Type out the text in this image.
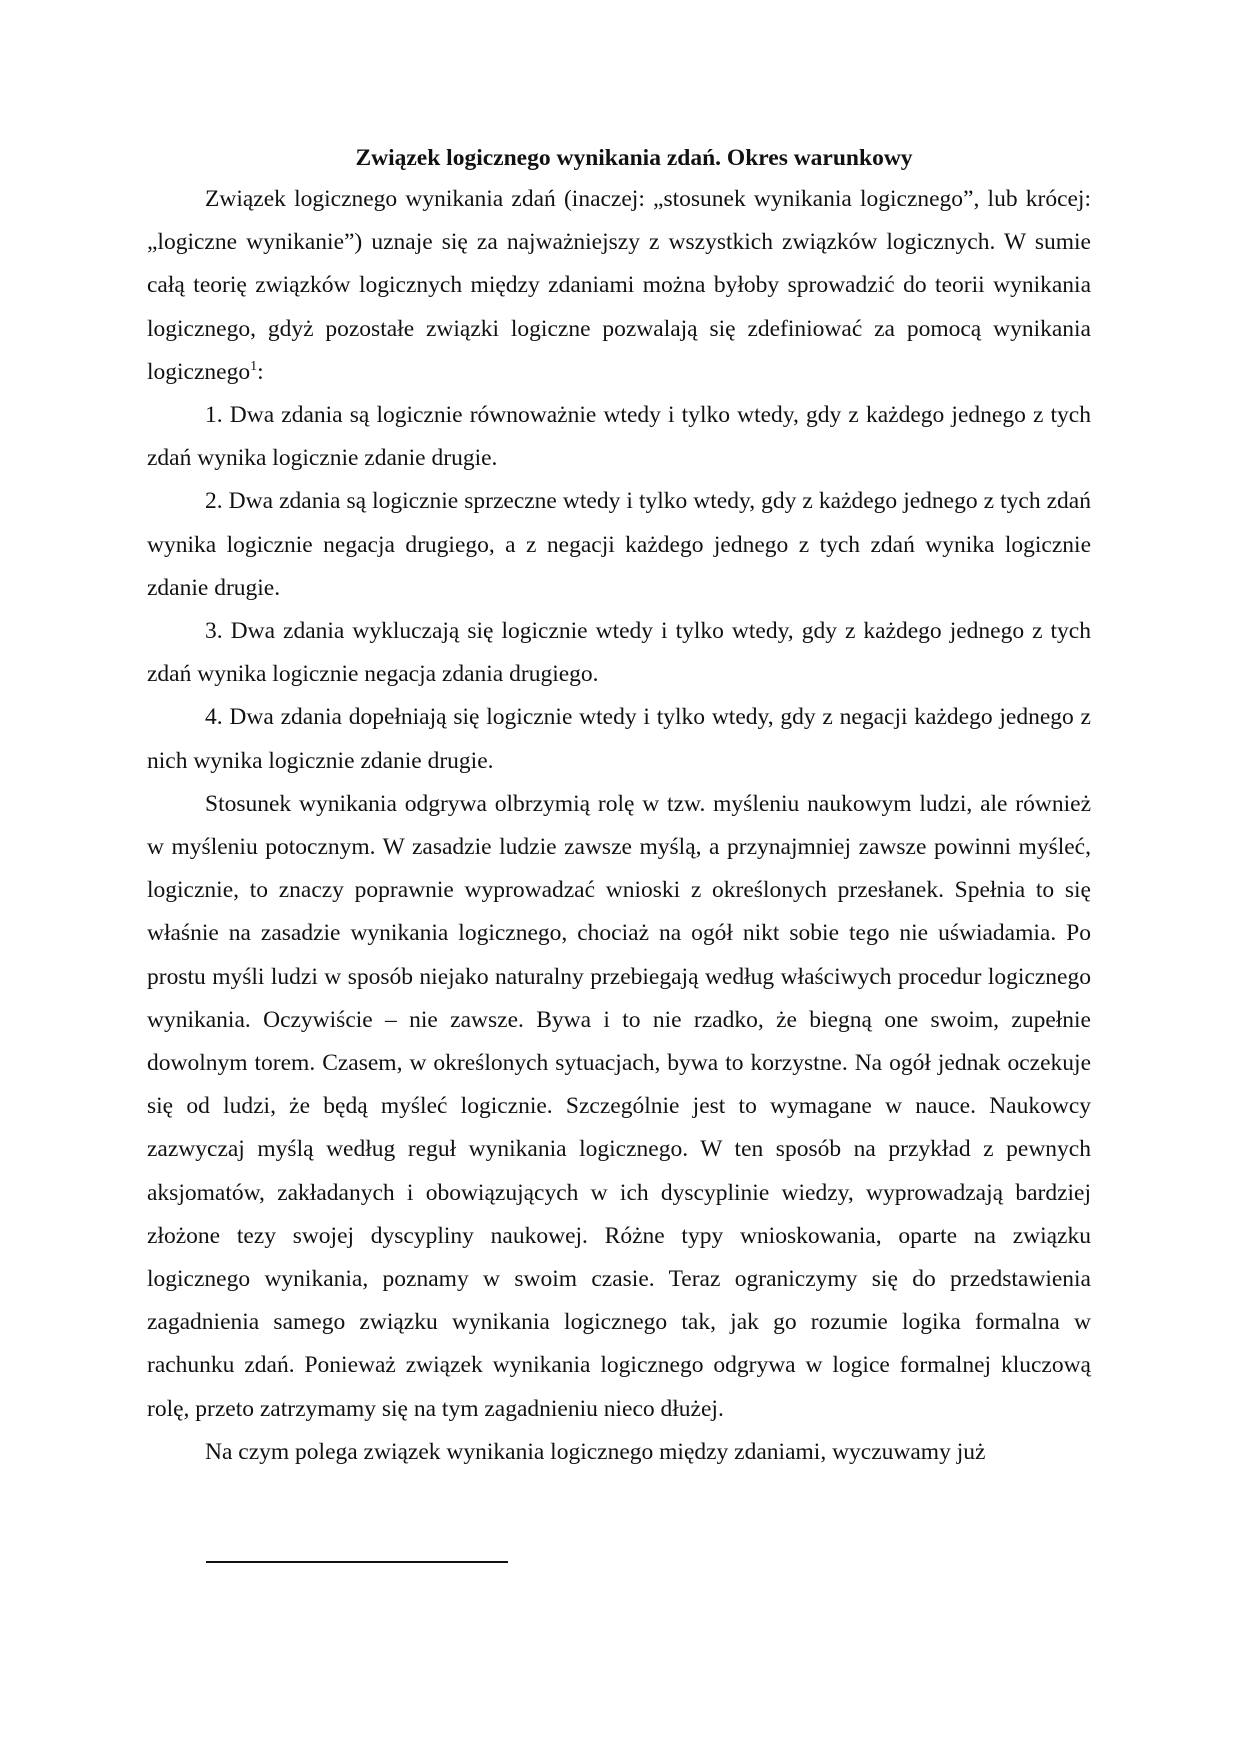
Związek logicznego wynikania zdań. Okres warunkowy

Związek logicznego wynikania zdań (inaczej: „stosunek wynikania logicznego”, lub krócej: „logiczne wynikanie”) uznaje się za najważniejszy z wszystkich związków logicznych. W sumie całą teorię związków logicznych między zdaniami można byłoby sprowadzić do teorii wynikania logicznego, gdyż pozostałe związki logiczne pozwalają się zdefiniować za pomocą wynikania logicznego$^1$:

1. Dwa zdania są logicznie równoważnie wtedy i tylko wtedy, gdy z każdego jednego z tych zdań wynika logicznie zdanie drugie.

2. Dwa zdania są logicznie sprzeczne wtedy i tylko wtedy, gdy z każdego jednego z tych zdań wynika logicznie negacja drugiego, a z negacji każdego jednego z tych zdań wynika logicznie zdanie drugie.

3. Dwa zdania wykluczają się logicznie wtedy i tylko wtedy, gdy z każdego jednego z tych zdań wynika logicznie negacja zdania drugiego.

4. Dwa zdania dopełniają się logicznie wtedy i tylko wtedy, gdy z negacji każdego jednego z nich wynika logicznie zdanie drugie.

Stosunek wynikania odgrywa olbrzymią rolę w tzw. myśleniu naukowym ludzi, ale również w myśleniu potocznym. W zasadzie ludzie zawsze myślą, a przynajmniej zawsze powinni myśleć, logicznie, to znaczy poprawnie wyprowadzać wnioski z określonych przesłanek. Spełnia to się właśnie na zasadzie wynikania logicznego, chociaż na ogół nikt sobie tego nie uświadamia. Po prostu myśli ludzi w sposób niejako naturalny przebiegają według właściwych procedur logicznego wynikania. Oczywiście – nie zawsze. Bywa i to nie rzadko, że biegną one swoim, zupełnie dowolnym torem. Czasem, w określonych sytuacjach, bywa to korzystne. Na ogół jednak oczekuje się od ludzi, że będą myśleć logicznie. Szczególnie jest to wymagane w nauce. Naukowcy zazwyczaj myślą według reguł wynikania logicznego. W ten sposób na przykład z pewnych aksjomatów, zakładanych i obowiązujących w ich dyscyplinie wiedzy, wyprowadzają bardziej złożone tezy swojej dyscypliny naukowej. Różne typy wnioskowania, oparte na związku logicznego wynikania, poznamy w swoim czasie. Teraz ograniczymy się do przedstawienia zagadnienia samego związku wynikania logicznego tak, jak go rozumie logika formalna w rachunku zdań. Ponieważ związek wynikania logicznego odgrywa w logice formalnej kluczową rolę, przeto zatrzymamy się na tym zagadnieniu nieco dłużej.

Na czym polega związek wynikania logicznego między zdaniami, wyczuwamy już
